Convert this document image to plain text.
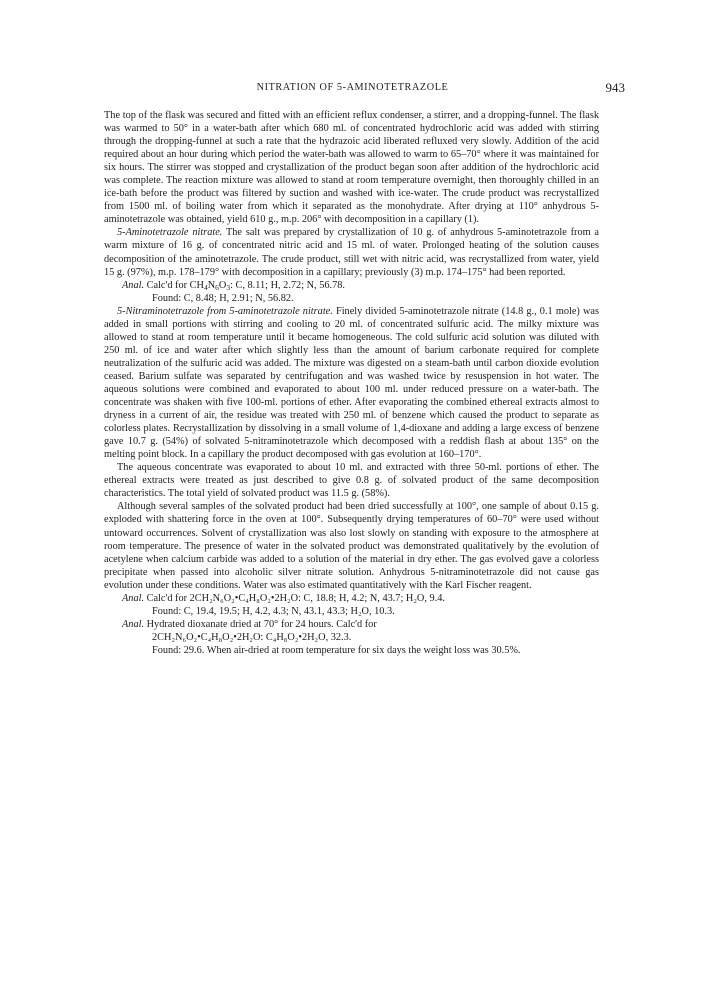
NITRATION OF 5-AMINOTETRAZOLE	943

The top of the flask was secured and fitted with an efficient reflux condenser, a stirrer, and a dropping-funnel. The flask was warmed to 50° in a water-bath after which 680 ml. of concentrated hydrochloric acid was added with stirring through the dropping-funnel at such a rate that the hydrazoic acid liberated refluxed very slowly. Addition of the acid required about an hour during which period the water-bath was allowed to warm to 65–70° where it was maintained for six hours. The stirrer was stopped and crystallization of the product began soon after addition of the hydrochloric acid was complete. The reaction mixture was allowed to stand at room temperature overnight, then thoroughly chilled in an ice-bath before the product was filtered by suction and washed with ice-water. The crude product was recrystallized from 1500 ml. of boiling water from which it separated as the monohydrate. After drying at 110° anhydrous 5-aminotetrazole was obtained, yield 610 g., m.p. 206° with decomposition in a capillary (1).

5-Aminotetrazole nitrate. The salt was prepared by crystallization of 10 g. of anhydrous 5-aminotetrazole from a warm mixture of 16 g. of concentrated nitric acid and 15 ml. of water. Prolonged heating of the solution causes decomposition of the aminotetrazole. The crude product, still wet with nitric acid, was recrystallized from water, yield 15 g. (97%), m.p. 178–179° with decomposition in a capillary; previously (3) m.p. 174–175° had been reported.

Anal. Calc'd for $CH_4N_6O_3$: C, 8.11; H, 2.72; N, 56.78.

Found: C, 8.48; H, 2.91; N, 56.82.

5-Nitraminotetrazole from 5-aminotetrazole nitrate. Finely divided 5-aminotetrazole nitrate (14.8 g., 0.1 mole) was added in small portions with stirring and cooling to 20 ml. of concentrated sulfuric acid. The milky mixture was allowed to stand at room temperature until it became homogeneous. The cold sulfuric acid solution was diluted with 250 ml. of ice and water after which slightly less than the amount of barium carbonate required for complete neutralization of the sulfuric acid was added. The mixture was digested on a steam-bath until carbon dioxide evolution ceased. Barium sulfate was separated by centrifugation and was washed twice by resuspension in hot water. The aqueous solutions were combined and evaporated to about 100 ml. under reduced pressure on a water-bath. The concentrate was shaken with five 100-ml. portions of ether. After evaporating the combined ethereal extracts almost to dryness in a current of air, the residue was treated with 250 ml. of benzene which caused the product to separate as colorless plates. Recrystallization by dissolving in a small volume of 1,4-dioxane and adding a large excess of benzene gave 10.7 g. (54%) of solvated 5-nitraminotetrazole which decomposed with a reddish flash at about 135° on the melting point block. In a capillary the product decomposed with gas evolution at 160–170°.

The aqueous concentrate was evaporated to about 10 ml. and extracted with three 50-ml. portions of ether. The ethereal extracts were treated as just described to give 0.8 g. of solvated product of the same decomposition characteristics. The total yield of solvated product was 11.5 g. (58%).

Although several samples of the solvated product had been dried successfully at 100°, one sample of about 0.15 g. exploded with shattering force in the oven at 100°. Subsequently drying temperatures of 60–70° were used without untoward occurrences. Solvent of crystallization was also lost slowly on standing with exposure to the atmosphere at room temperature. The presence of water in the solvated product was demonstrated qualitatively by the evolution of acetylene when calcium carbide was added to a solution of the material in dry ether. The gas evolved gave a colorless precipitate when passed into alcoholic silver nitrate solution. Anhydrous 5-nitraminotetrazole did not cause gas evolution under these conditions. Water was also estimated quantitatively with the Karl Fischer reagent.

Anal. Calc'd for 2CH₂N₆O₂•C₄H₈O₂•2H₂O: C, 18.8; H, 4.2; N, 43.7; H₂O, 9.4.

Found: C, 19.4, 19.5; H, 4.2, 4.3; N, 43.1, 43.3; H₂O, 10.3.

Anal. Hydrated dioxanate dried at 70° for 24 hours. Calc'd for

2CH₂N₆O₂•C₄H₈O₂•2H₂O: C₄H₈O₂•2H₂O, 32.3.

Found: 29.6. When air-dried at room temperature for six days the weight loss was 30.5%.
